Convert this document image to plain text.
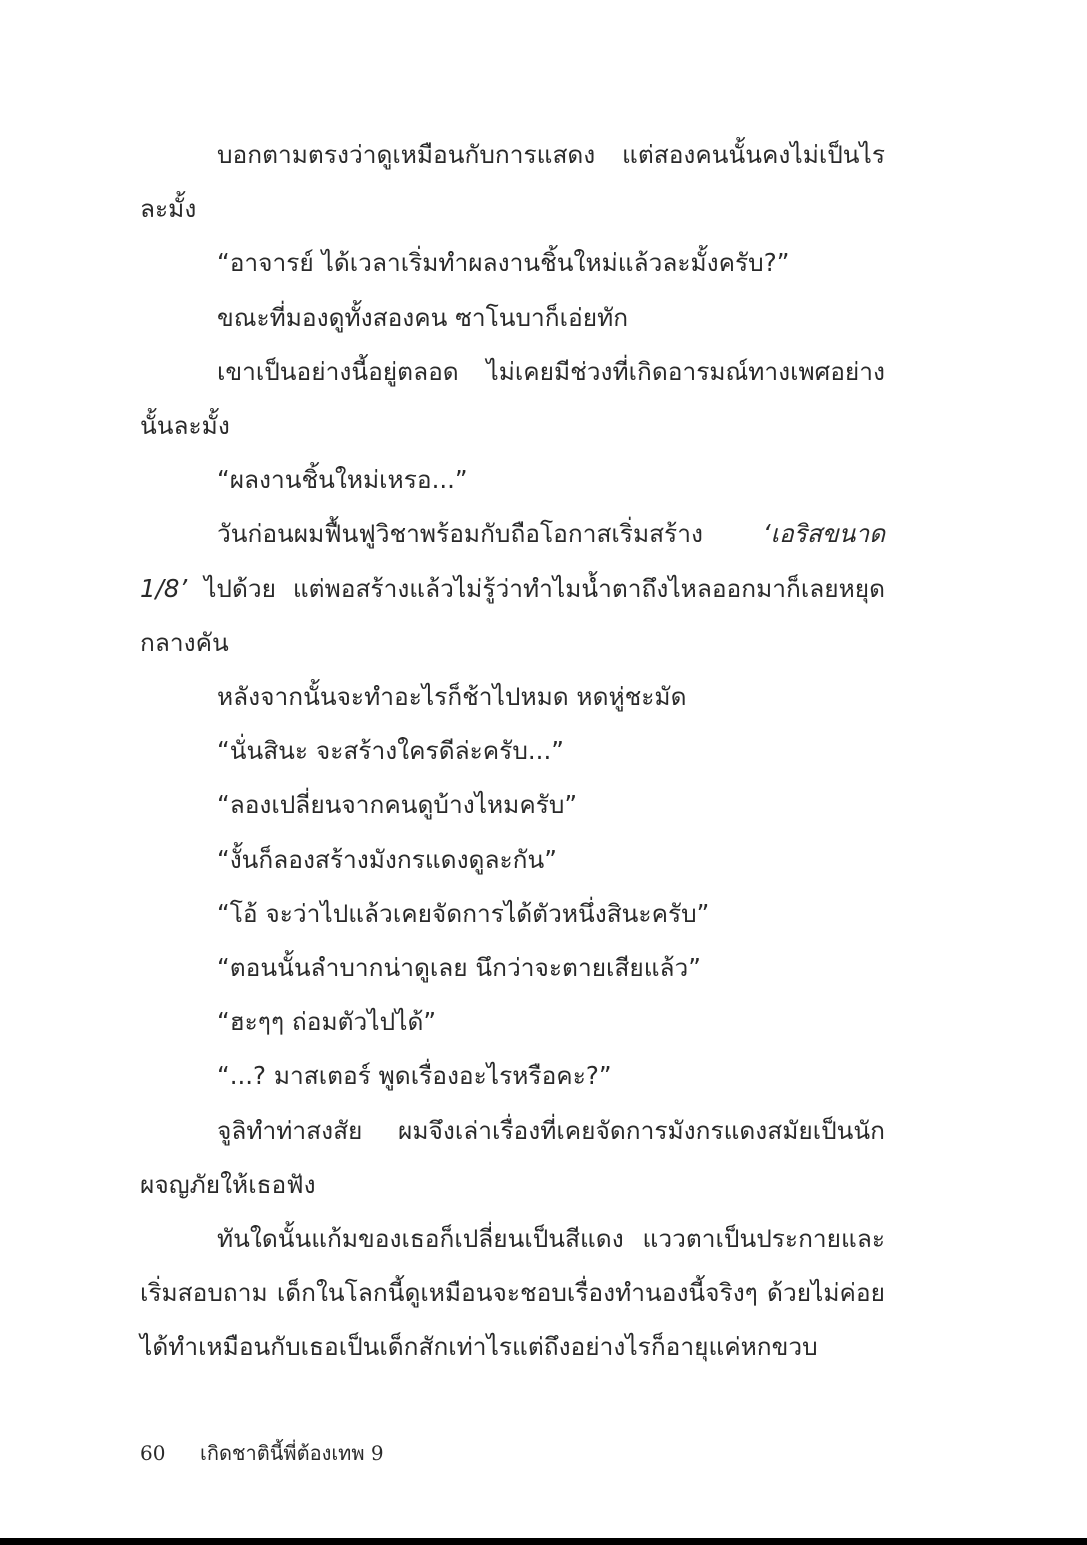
บอกตามตรงว่าดูเหมือนกับการแสดง แต่สองคนนั้นคงไม่เป็นไรละมั้ง

“อาจารย์ ได้เวลาเริ่มทำผลงานชิ้นใหม่แล้วละมั้งครับ?”

ขณะที่มองดูทั้งสองคน ซาโนบาก็เอ่ยทัก

เขาเป็นอย่างนี้อยู่ตลอด ไม่เคยมีช่วงที่เกิดอารมณ์ทางเพศอย่างนั้นละมั้ง

“ผลงานชิ้นใหม่เหรอ...”

วันก่อนผมฟื้นฟูวิชาพร้อมกับถือโอกาสเริ่มสร้าง ‘เอริสขนาด 1/8’ ไปด้วย แต่พอสร้างแล้วไม่รู้ว่าทำไมน้ำตาถึงไหลออกมาก็เลยหยุดกลางคัน

หลังจากนั้นจะทำอะไรก็ช้าไปหมด หดหู่ชะมัด

“นั่นสินะ จะสร้างใครดีล่ะครับ...”

“ลองเปลี่ยนจากคนดูบ้างไหมครับ”

“งั้นก็ลองสร้างมังกรแดงดูละกัน”

“โอ้ จะว่าไปแล้วเคยจัดการได้ตัวหนึ่งสินะครับ”

“ตอนนั้นลำบากน่าดูเลย นึกว่าจะตายเสียแล้ว”

“ฮะๆๆ ถ่อมตัวไปได้”

“...? มาสเตอร์ พูดเรื่องอะไรหรือคะ?”

จูลิทำท่าสงสัย ผมจึงเล่าเรื่องที่เคยจัดการมังกรแดงสมัยเป็นนักผจญภัยให้เธอฟัง

ทันใดนั้นแก้มของเธอก็เปลี่ยนเป็นสีแดง แววตาเป็นประกายและเริ่มสอบถาม เด็กในโลกนี้ดูเหมือนจะชอบเรื่องทำนองนี้จริงๆ ด้วยไม่ค่อยได้ทำเหมือนกับเธอเป็นเด็กสักเท่าไรแต่ถึงอย่างไรก็อายุแค่หกขวบ

60	เกิดชาตินี้พี่ต้องเทพ 9
